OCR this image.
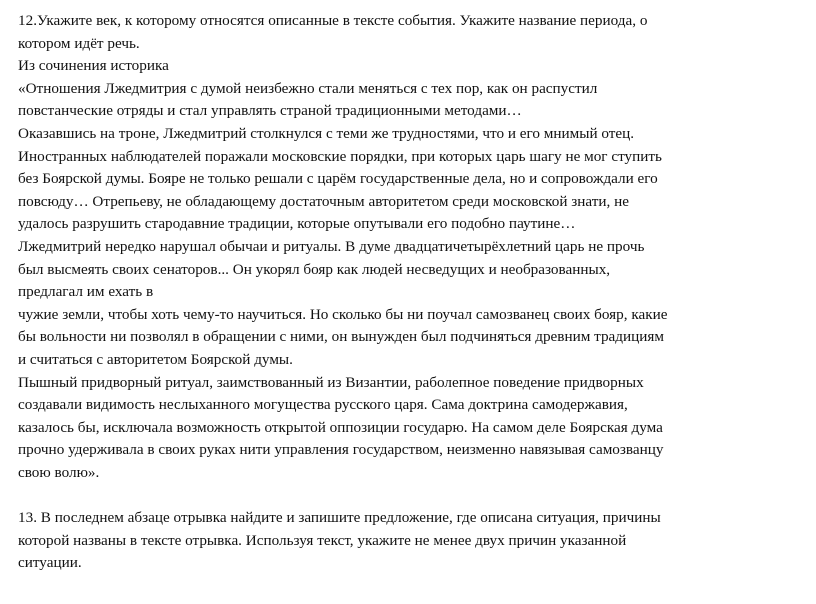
12.Укажите век, к которому относятся описанные в тексте события. Укажите название периода, о
котором идёт речь.
Из сочинения историка
«Отношения Лжедмитрия с думой неизбежно стали меняться с тех пор, как он распустил
повстанческие отряды и стал управлять страной традиционными методами…
Оказавшись на троне, Лжедмитрий столкнулся с теми же трудностями, что и его мнимый отец.
Иностранных наблюдателей поражали московские порядки, при которых царь шагу не мог ступить
без Боярской думы. Бояре не только решали с царём государственные дела, но и сопровождали его
повсюду… Отрепьеву, не обладающему достаточным авторитетом среди московской знати, не
удалось разрушить стародавние традиции, которые опутывали его подобно паутине…
Лжедмитрий нередко нарушал обычаи и ритуалы. В думе двадцатичетырёхлетний царь не прочь
был высмеять своих сенаторов... Он укорял бояр как людей несведущих и необразованных,
предлагал им ехать в
чужие земли, чтобы хоть чему-то научиться. Но сколько бы ни поучал самозванец своих бояр, какие
бы вольности ни позволял в обращении с ними, он вынужден был подчиняться древним традициям
и считаться с авторитетом Боярской думы.
Пышный придворный ритуал, заимствованный из Византии, раболепное поведение придворных
создавали видимость неслыханного могущества русского царя. Сама доктрина самодержавия,
казалось бы, исключала возможность открытой оппозиции государю. На самом деле Боярская дума
прочно удерживала в своих руках нити управления государством, неизменно навязывая самозванцу
свою волю».
13. В последнем абзаце отрывка найдите и запишите предложение, где описана ситуация, причины
которой названы в тексте отрывка. Используя текст, укажите не менее двух причин указанной
ситуации.
